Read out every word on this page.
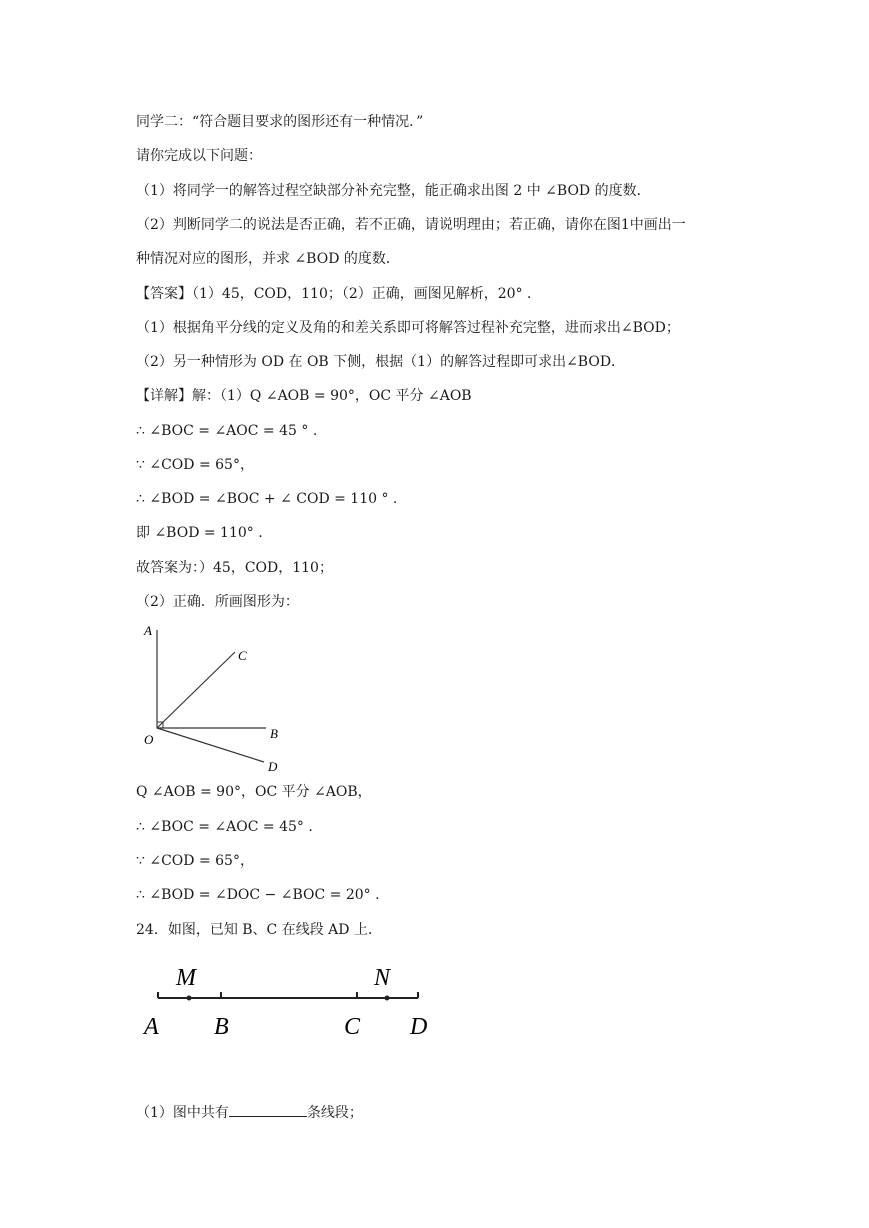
同学二：“符合题目要求的图形还有一种情况．”
请你完成以下问题：
（1）将同学一的解答过程空缺部分补充完整，能正确求出图 2 中 ∠BOD 的度数．
（2）判断同学二的说法是否正确，若不正确，请说明理由；若正确，请你在图1中画出一
种情况对应的图形，并求 ∠BOD 的度数．
【答案】（1）45，COD，110；（2）正确，画图见解析，20° ．
（1）根据角平分线的定义及角的和差关系即可将解答过程补充完整，进而求出∠BOD；
（2）另一种情形为 OD 在 OB 下侧，根据（1）的解答过程即可求出∠BOD．
【详解】解：（1）Q ∠AOB = 90°，OC 平分 ∠AOB
∴ ∠BOC = ∠AOC = 45 ° .
∵ ∠COD = 65°，
∴ ∠BOD = ∠BOC + ∠ COD = 110 ° .
即 ∠BOD = 110° .
故答案为：）45，COD，110；
（2）正确．所画图形为：
A
C
O	B
D
Q ∠AOB = 90°，OC 平分 ∠AOB，
∴ ∠BOC = ∠AOC = 45° .
∵ ∠COD = 65°，
∴ ∠BOD = ∠DOC − ∠BOC = 20° .
24．如图，已知 B、C 在线段 AD 上．
M	N
A B	C D
（1）图中共有	条线段；
